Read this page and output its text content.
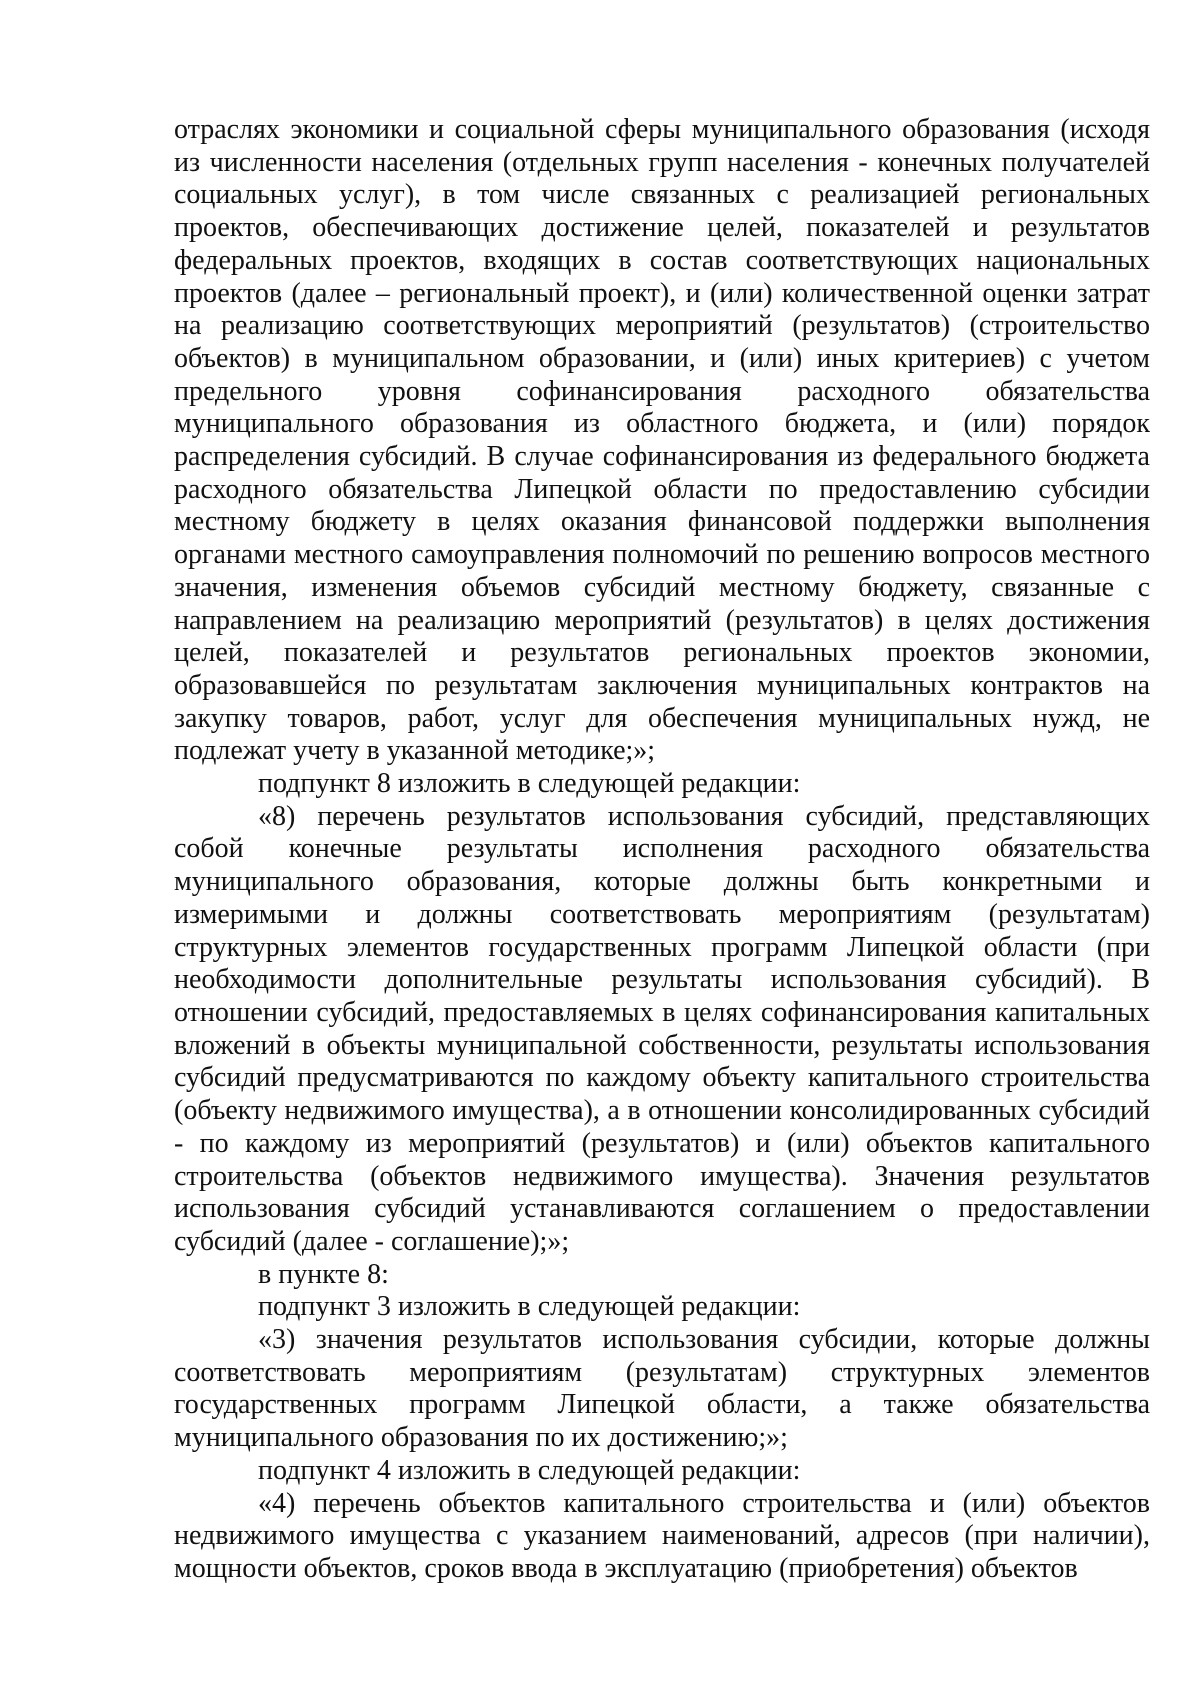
отраслях экономики и социальной сферы муниципального образования (исходя из численности населения (отдельных групп населения - конечных получателей социальных услуг), в том числе связанных с реализацией региональных проектов, обеспечивающих достижение целей, показателей и результатов федеральных проектов, входящих в состав соответствующих национальных проектов (далее – региональный проект), и (или) количественной оценки затрат на реализацию соответствующих мероприятий (результатов) (строительство объектов) в муниципальном образовании, и (или) иных критериев) с учетом предельного уровня софинансирования расходного обязательства муниципального образования из областного бюджета, и (или) порядок распределения субсидий. В случае софинансирования из федерального бюджета расходного обязательства Липецкой области по предоставлению субсидии местному бюджету в целях оказания финансовой поддержки выполнения органами местного самоуправления полномочий по решению вопросов местного значения, изменения объемов субсидий местному бюджету, связанные с направлением на реализацию мероприятий (результатов) в целях достижения целей, показателей и результатов региональных проектов экономии, образовавшейся по результатам заключения муниципальных контрактов на закупку товаров, работ, услуг для обеспечения муниципальных нужд, не подлежат учету в указанной методике;»;

подпункт 8 изложить в следующей редакции:

«8) перечень результатов использования субсидий, представляющих собой конечные результаты исполнения расходного обязательства муниципального образования, которые должны быть конкретными и измеримыми и должны соответствовать мероприятиям (результатам) структурных элементов государственных программ Липецкой области (при необходимости дополнительные результаты использования субсидий). В отношении субсидий, предоставляемых в целях софинансирования капитальных вложений в объекты муниципальной собственности, результаты использования субсидий предусматриваются по каждому объекту капитального строительства (объекту недвижимого имущества), а в отношении консолидированных субсидий - по каждому из мероприятий (результатов) и (или) объектов капитального строительства (объектов недвижимого имущества). Значения результатов использования субсидий устанавливаются соглашением о предоставлении субсидий (далее - соглашение);»;

в пункте 8:

подпункт 3 изложить в следующей редакции:

«3) значения результатов использования субсидии, которые должны соответствовать мероприятиям (результатам) структурных элементов государственных программ Липецкой области, а также обязательства муниципального образования по их достижению;»;

подпункт 4 изложить в следующей редакции:

«4) перечень объектов капитального строительства и (или) объектов недвижимого имущества с указанием наименований, адресов (при наличии), мощности объектов, сроков ввода в эксплуатацию (приобретения) объектов
